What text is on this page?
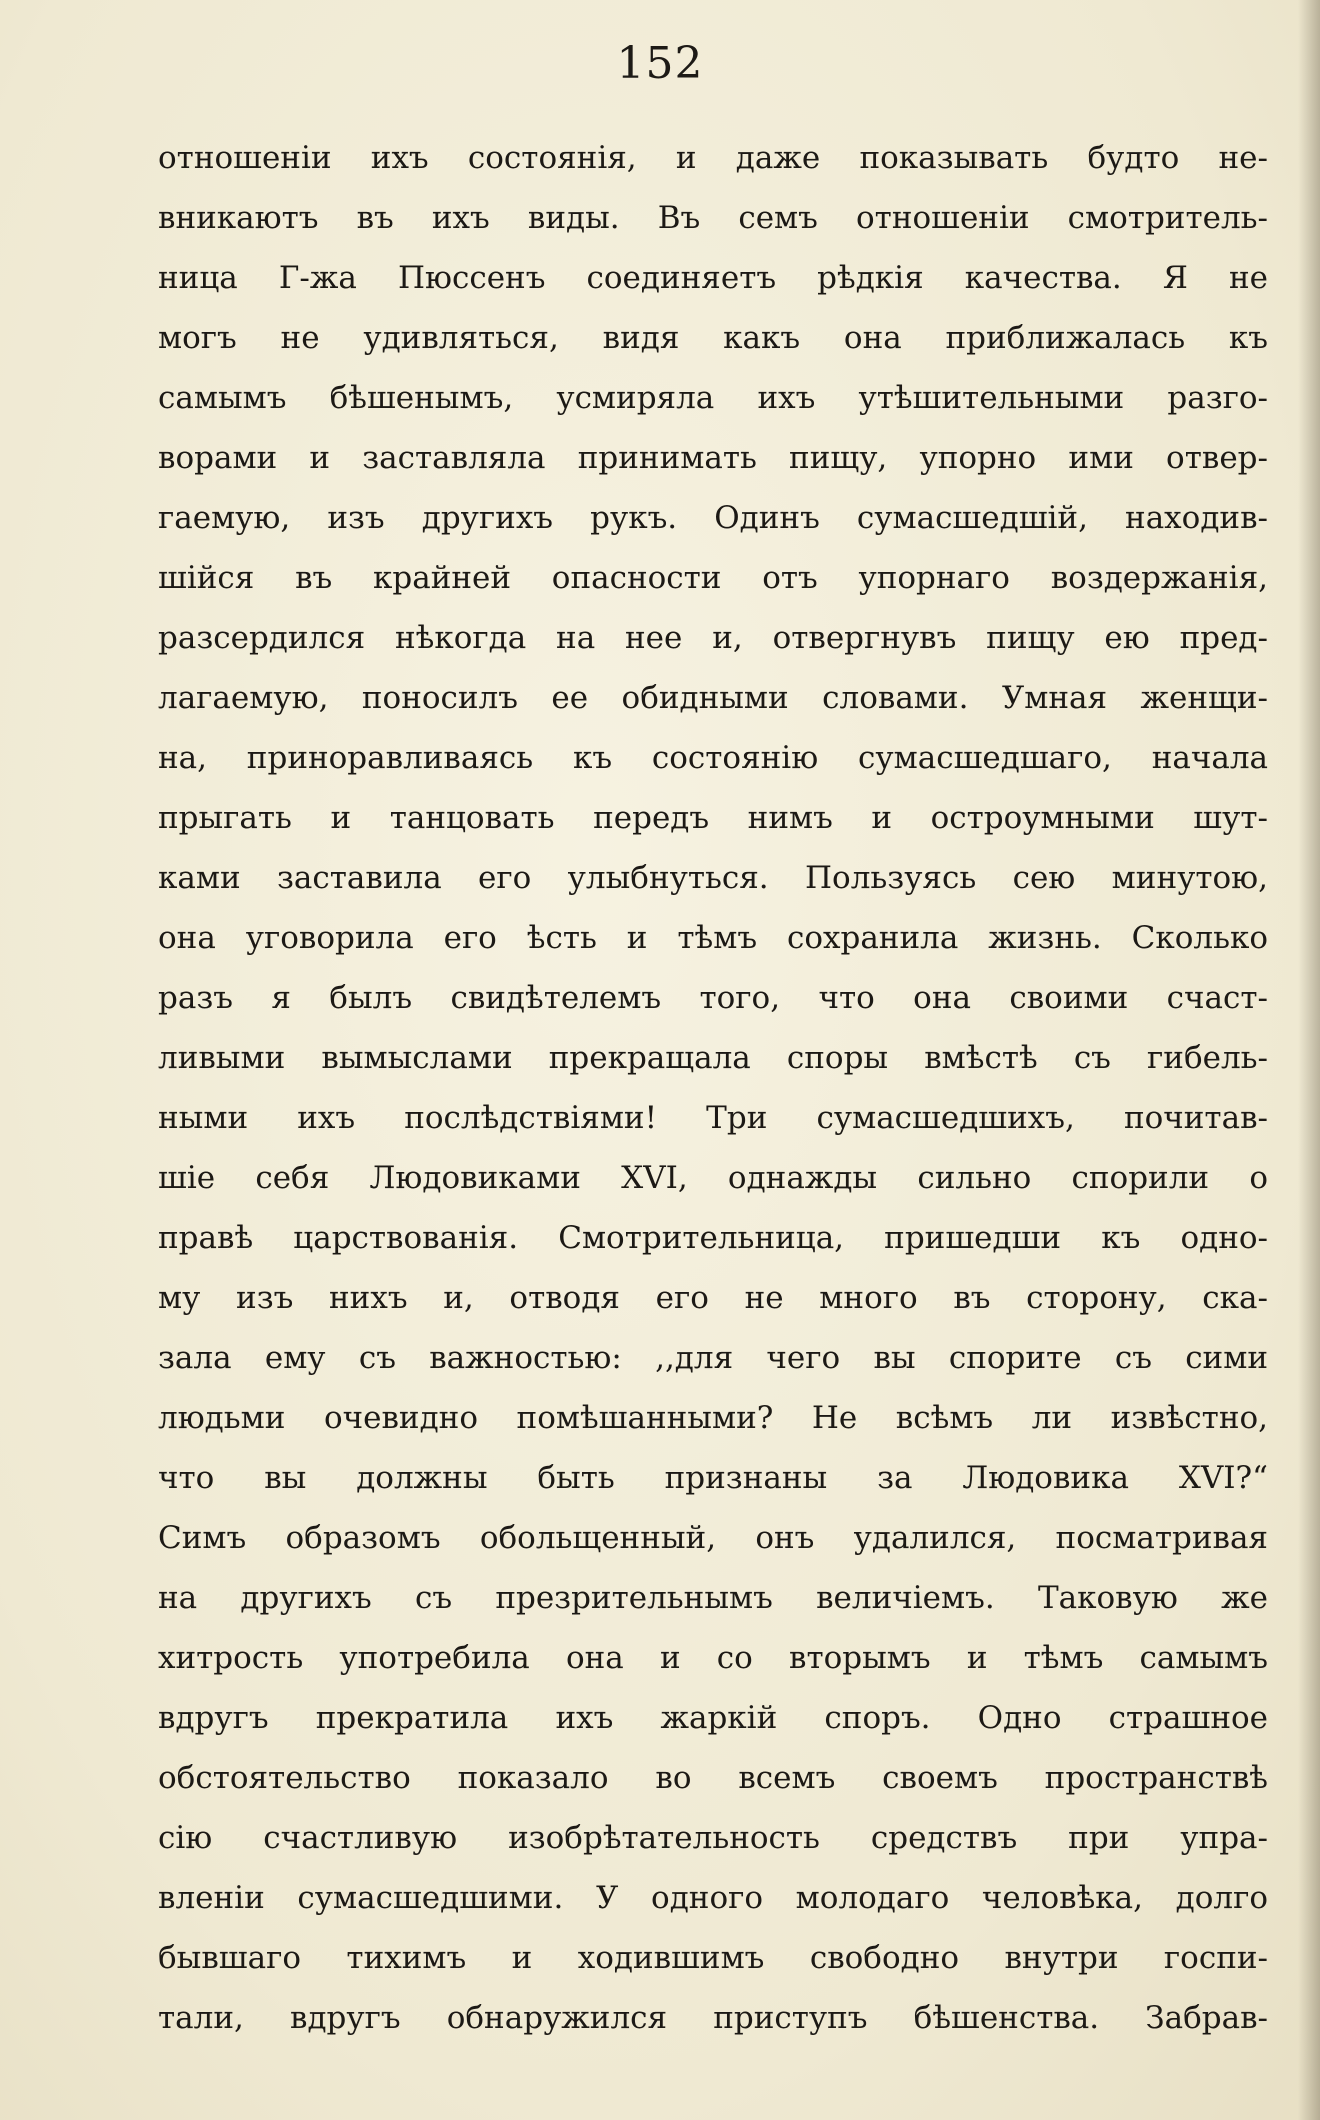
152
отношеніи ихъ состоянія, и даже показывать будто не-
вникаютъ въ ихъ виды. Въ семъ отношеніи смотритель-
ница Г-жа Пюссенъ соединяетъ рѣдкія качества. Я не
могъ не удивляться, видя какъ она приближалась къ
самымъ бѣшенымъ, усмиряла ихъ утѣшительными разго-
ворами и заставляла принимать пищу, упорно ими отвер-
гаемую, изъ другихъ рукъ. Одинъ сумасшедшій, находив-
шійся въ крайней опасности отъ упорнаго воздержанія,
разсердился нѣкогда на нее и, отвергнувъ пищу ею пред-
лагаемую, поносилъ ее обидными словами. Умная женщи-
на, приноравливаясь къ состоянію сумасшедшаго, начала
прыгать и танцовать передъ нимъ и остроумными шут-
ками заставила его улыбнуться. Пользуясь сею минутою,
она уговорила его ѣсть и тѣмъ сохранила жизнь. Сколько
разъ я былъ свидѣтелемъ того, что она своими счаст-
ливыми вымыслами прекращала споры вмѣстѣ съ гибель-
ными ихъ послѣдствіями! Три сумасшедшихъ, почитав-
шіе себя Людовиками XVI, однажды сильно спорили о
правѣ царствованія. Смотрительница, пришедши къ одно-
му изъ нихъ и, отводя его не много въ сторону, ска-
зала ему съ важностью: ,,для чего вы спорите съ сими
людьми очевидно помѣшанными? Не всѣмъ ли извѣстно,
что вы должны быть признаны за Людовика XVI?“
Симъ образомъ обольщенный, онъ удалился, посматривая
на другихъ съ презрительнымъ величіемъ. Таковую же
хитрость употребила она и со вторымъ и тѣмъ самымъ
вдругъ прекратила ихъ жаркій споръ. Одно страшное
обстоятельство показало во всемъ своемъ пространствѣ
сію счастливую изобрѣтательность средствъ при упра-
вленіи сумасшедшими. У одного молодаго человѣка, долго
бывшаго тихимъ и ходившимъ свободно внутри госпи-
тали, вдругъ обнаружился приступъ бѣшенства. Забрав-
